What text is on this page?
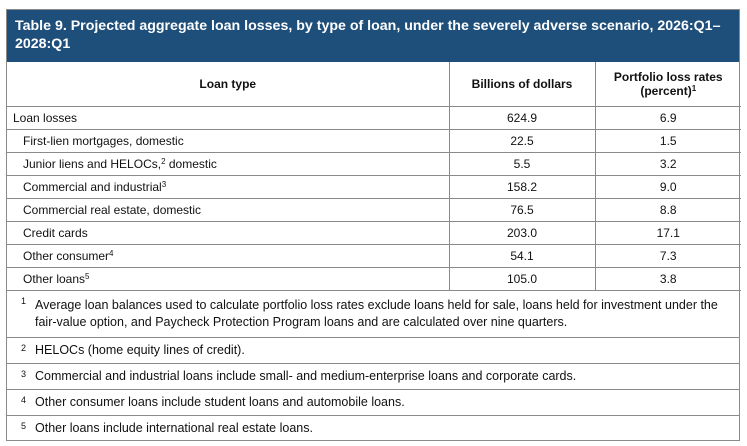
Table 9. Projected aggregate loan losses, by type of loan, under the severely adverse scenario, 2026:Q1–2028:Q1
Loan type	Billions of dollars	Portfolio loss rates
(percent)$^1$
Loan losses	624.9	6.9
First-lien mortgages, domestic	22.5	1.5
Junior liens and HELOCs,$^2$ domestic	5.5	3.2
Commercial and industrial$^3$	158.2	9.0
Commercial real estate, domestic	76.5	8.8
Credit cards	203.0	17.1
Other consumer$^4$	54.1	7.3
Other loans$^5$	105.0	3.8
1 Average loan balances used to calculate portfolio loss rates exclude loans held for sale, loans held for investment under the fair-value option, and Paycheck Protection Program loans and are calculated over nine quarters.
2 HELOCs (home equity lines of credit).
3 Commercial and industrial loans include small- and medium-enterprise loans and corporate cards.
4 Other consumer loans include student loans and automobile loans.
5 Other loans include international real estate loans.
